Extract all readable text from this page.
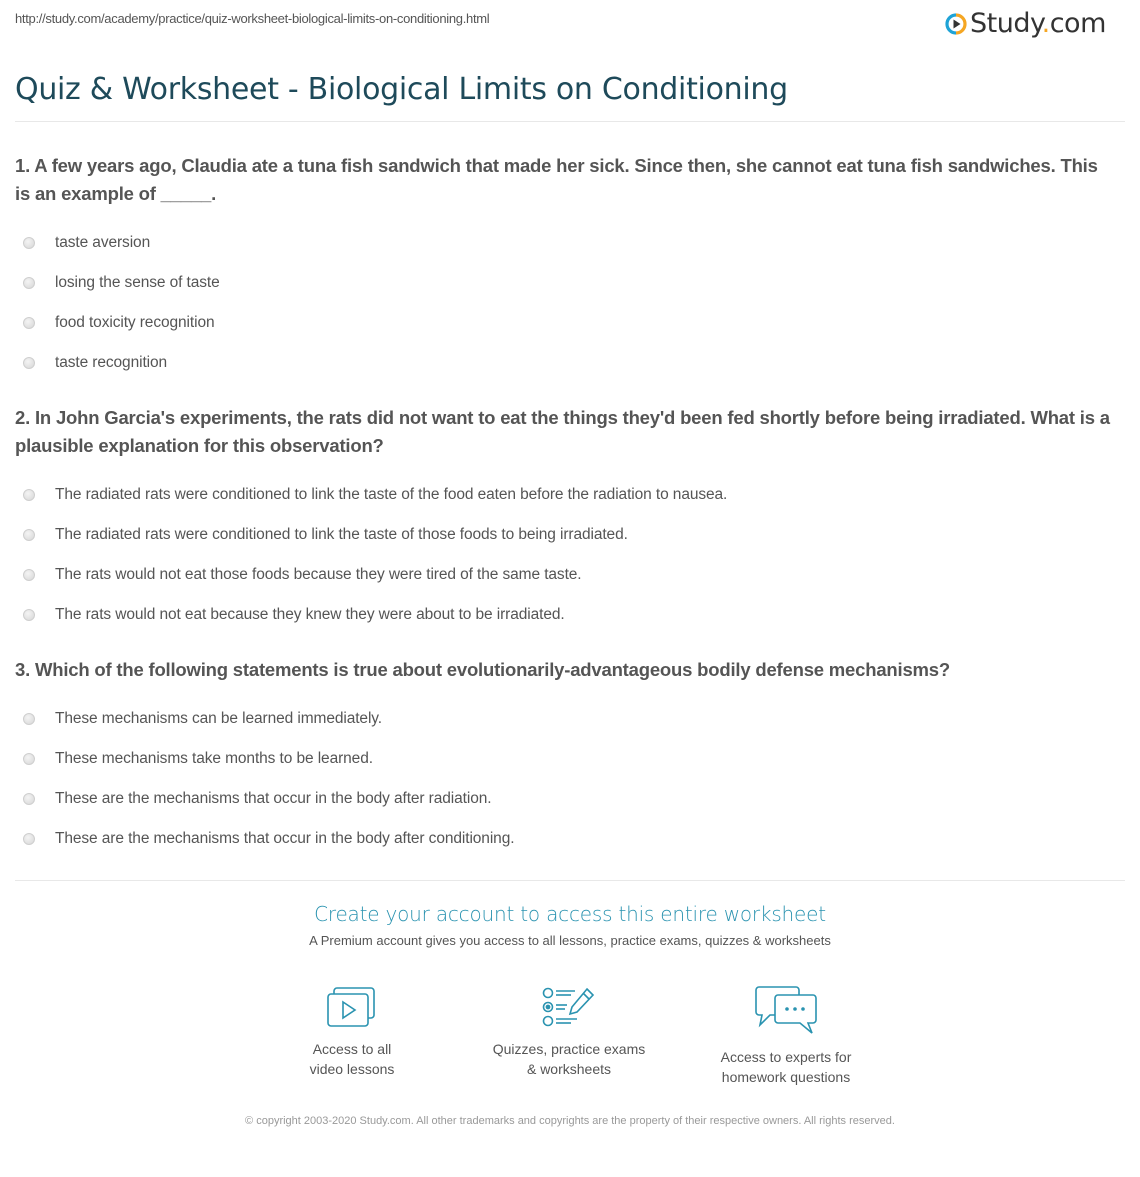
http://study.com/academy/practice/quiz-worksheet-biological-limits-on-conditioning.html	Study.com
Quiz & Worksheet - Biological Limits on Conditioning
1. A few years ago, Claudia ate a tuna fish sandwich that made her sick. Since then, she cannot eat tuna fish sandwiches. This is an example of _____.
taste aversion
losing the sense of taste
food toxicity recognition
taste recognition
2. In John Garcia's experiments, the rats did not want to eat the things they'd been fed shortly before being irradiated. What is a plausible explanation for this observation?
The radiated rats were conditioned to link the taste of the food eaten before the radiation to nausea.
The radiated rats were conditioned to link the taste of those foods to being irradiated.
The rats would not eat those foods because they were tired of the same taste.
The rats would not eat because they knew they were about to be irradiated.
3. Which of the following statements is true about evolutionarily-advantageous bodily defense mechanisms?
These mechanisms can be learned immediately.
These mechanisms take months to be learned.
These are the mechanisms that occur in the body after radiation.
These are the mechanisms that occur in the body after conditioning.
Create your account to access this entire worksheet
A Premium account gives you access to all lessons, practice exams, quizzes & worksheets
Access to all
video lessons
Quizzes, practice exams
& worksheets
Access to experts for
homework questions
© copyright 2003-2020 Study.com. All other trademarks and copyrights are the property of their respective owners. All rights reserved.
